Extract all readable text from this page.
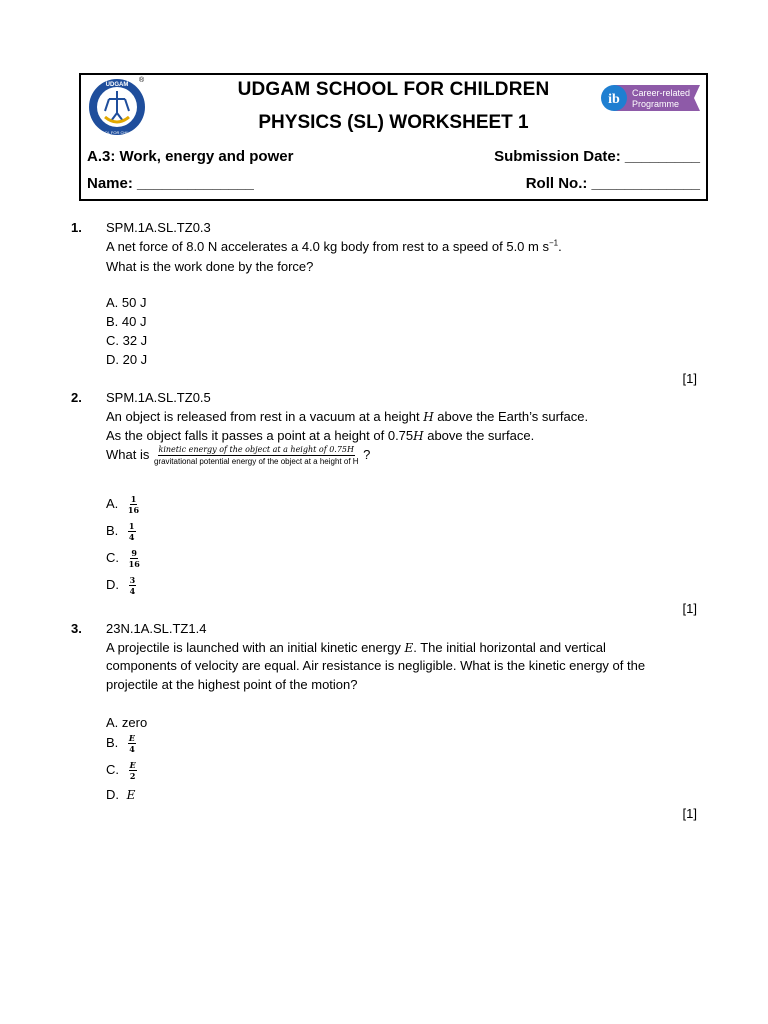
UDGAM
SCHOOL FOR CHILDREN
®	UDGAM SCHOOL FOR CHILDREN
PHYSICS (SL) WORKSHEET 1
ib Career-related
Programme
A.3: Work, energy and power	Submission Date: _________
Name: ______________	Roll No.: _____________
1. SPM.1A.SL.TZ0.3
A net force of 8.0 N accelerates a 4.0 kg body from rest to a speed of 5.0 m $s^{-1}$.
What is the work done by the force?
A. 50 J
B. 40 J
C. 32 J
D. 20 J
[1]
2. SPM.1A.SL.TZ0.5
An object is released from rest in a vacuum at a height H above the Earth’s surface.
As the object falls it passes a point at a height of 0.75H above the surface.
What is kinetic energy of the object at a height of 0.75H
gravitational potential energy of the object at a height of H ?
A. $\frac{1}{16}$
B. $\frac{1}{4}$
C. $\frac{9}{16}$
D. $\frac{3}{4}$
[1]
3. 23N.1A.SL.TZ1.4
A projectile is launched with an initial kinetic energy E. The initial horizontal and vertical
components of velocity are equal. Air resistance is negligible. What is the kinetic energy of the
projectile at the highest point of the motion?
A. zero
B. $\frac{E}{4}$
C. $\frac{E}{2}$
D. E
[1]
